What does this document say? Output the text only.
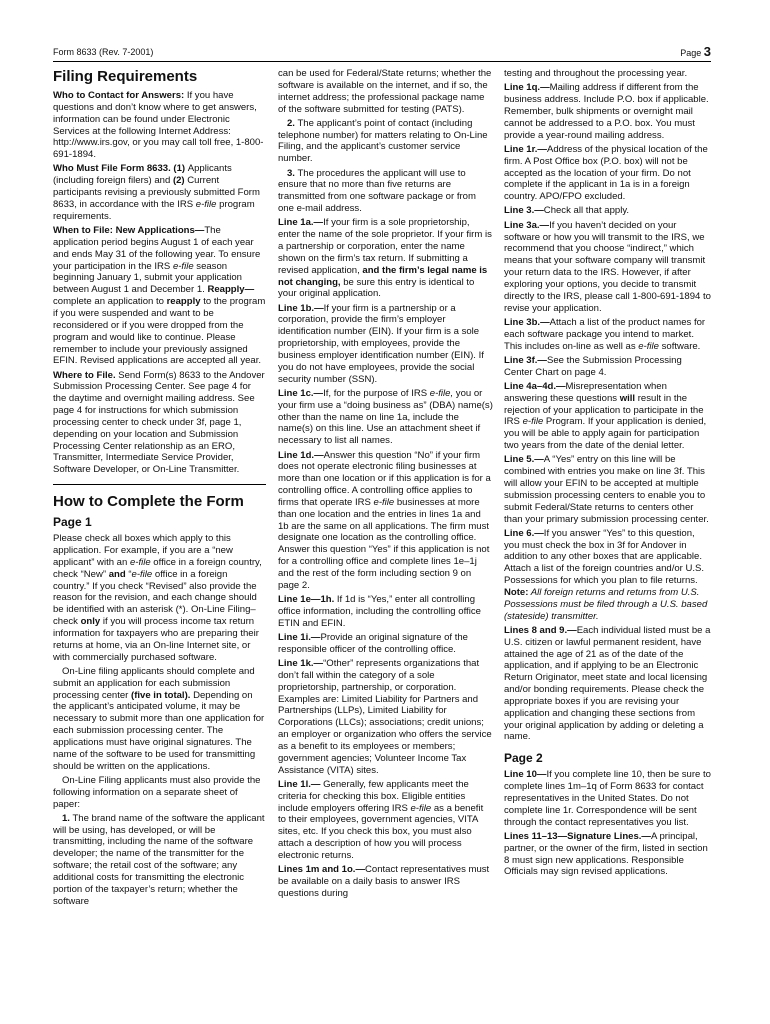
Form 8633 (Rev. 7-2001)	Page 3
Filing Requirements

Who to Contact for Answers: If you have questions and don’t know where to get answers, information can be found under Electronic Services at the following Internet Address: http://www.irs.gov, or you may call toll free, 1-800-691-1894.

Who Must File Form 8633. (1) Applicants (including foreign filers) and (2) Current participants revising a previously submitted Form 8633, in accordance with the IRS e-file program requirements.

When to File: New Applications—The application period begins August 1 of each year and ends May 31 of the following year. To ensure your participation in the IRS e-file season beginning January 1, submit your application between August 1 and December 1. Reapply—complete an application to reapply to the program if you were suspended and want to be reconsidered or if you were dropped from the program and would like to continue. Please remember to include your previously assigned EFIN. Revised applications are accepted all year.

Where to File. Send Form(s) 8633 to the Andover Submission Processing Center. See page 4 for the daytime and overnight mailing address. See page 4 for instructions for which submission processing center to check under 3f, page 1, depending on your location and Submission Processing Center relationship as an ERO, Transmitter, Intermediate Service Provider, Software Developer, or On-Line Transmitter.

How to Complete the Form
Page 1

Please check all boxes which apply to this application. For example, if you are a “new applicant” with an e-file office in a foreign country, check “New” and “e-file office in a foreign country.” If you check “Revised” also provide the reason for the revision, and each change should be identified with an asterisk (*). On-Line Filing–check only if you will process income tax return information for taxpayers who are preparing their returns at home, via an On-line Internet site, or with commercially purchased software.

On-Line filing applicants should complete and submit an application for each submission processing center (five in total). Depending on the applicant’s anticipated volume, it may be necessary to submit more than one application for each submission processing center. The applications must have original signatures. The name of the software to be used for transmitting should be written on the applications.

On-Line Filing applicants must also provide the following information on a separate sheet of paper:

1. The brand name of the software the applicant will be using, has developed, or will be transmitting, including the name of the software developer; the name of the transmitter for the software; the retail cost of the software; any additional costs for transmitting the electronic portion of the taxpayer’s return; whether the software

can be used for Federal/State returns; whether the software is available on the internet, and if so, the internet address; the professional package name of the software submitted for testing (PATS).

2. The applicant’s point of contact (including telephone number) for matters relating to On-Line Filing, and the applicant’s customer service number.

3. The procedures the applicant will use to ensure that no more than five returns are transmitted from one software package or from one e-mail address.

Line 1a.—If your firm is a sole proprietorship, enter the name of the sole proprietor. If your firm is a partnership or corporation, enter the name shown on the firm’s tax return. If submitting a revised application, and the firm’s legal name is not changing, be sure this entry is identical to your original application.

Line 1b.—If your firm is a partnership or a corporation, provide the firm’s employer identification number (EIN). If your firm is a sole proprietorship, with employees, provide the business employer identification number (EIN). If you do not have employees, provide the social security number (SSN).

Line 1c.—If, for the purpose of IRS e-file, you or your firm use a “doing business as” (DBA) name(s) other than the name on line 1a, include the name(s) on this line. Use an attachment sheet if necessary to list all names.

Line 1d.—Answer this question “No” if your firm does not operate electronic filing businesses at more than one location or if this application is for a controlling office. A controlling office applies to firms that operate IRS e-file businesses at more than one location and the entries in lines 1a and 1b are the same on all applications. The firm must designate one location as the controlling office. Answer this question “Yes” if this application is not for a controlling office and complete lines 1e–1j and the rest of the form including section 9 on page 2.

Line 1e—1h. If 1d is “Yes,” enter all controlling office information, including the controlling office ETIN and EFIN.

Line 1i.—Provide an original signature of the responsible officer of the controlling office.

Line 1k.—“Other” represents organizations that don’t fall within the category of a sole proprietorship, partnership, or corporation. Examples are: Limited Liability for Partners and Partnerships (LLPs), Limited Liability for Corporations (LLCs); associations; credit unions; an employer or organization who offers the service as a benefit to its employees or members; government agencies; Volunteer Income Tax Assistance (VITA) sites.

Line 1l.— Generally, few applicants meet the criteria for checking this box. Eligible entities include employers offering IRS e-file as a benefit to their employees, government agencies, VITA sites, etc. If you check this box, you must also attach a description of how you will process electronic returns.

Lines 1m and 1o.—Contact representatives must be available on a daily basis to answer IRS questions during

testing and throughout the processing year.

Line 1q.—Mailing address if different from the business address. Include P.O. box if applicable. Remember, bulk shipments or overnight mail cannot be addressed to a P.O. box. You must provide a year-round mailing address.

Line 1r.—Address of the physical location of the firm. A Post Office box (P.O. box) will not be accepted as the location of your firm. Do not complete if the applicant in 1a is in a foreign country. APO/FPO excluded.

Line 3.—Check all that apply.

Line 3a.—If you haven’t decided on your software or how you will transmit to the IRS, we recommend that you choose “indirect,” which means that your software company will transmit your return data to the IRS. However, if after exploring your options, you decide to transmit directly to the IRS, please call 1-800-691-1894 to revise your application.

Line 3b.—Attach a list of the product names for each software package you intend to market. This includes on-line as well as e-file software.

Line 3f.—See the Submission Processing Center Chart on page 4.

Line 4a–4d.—Misrepresentation when answering these questions will result in the rejection of your application to participate in the IRS e-file Program. If your application is denied, you will be able to apply again for participation two years from the date of the denial letter.

Line 5.—A “Yes” entry on this line will be combined with entries you make on line 3f. This will allow your EFIN to be accepted at multiple submission processing centers to enable you to submit Federal/State returns to centers other than your primary submission processing center.

Line 6.—If you answer “Yes” to this question, you must check the box in 3f for Andover in addition to any other boxes that are applicable. Attach a list of the foreign countries and/or U.S. Possessions for which you plan to file returns. Note: All foreign returns and returns from U.S. Possessions must be filed through a U.S. based (stateside) transmitter.

Lines 8 and 9.—Each individual listed must be a U.S. citizen or lawful permanent resident, have attained the age of 21 as of the date of the application, and if applying to be an Electronic Return Originator, meet state and local licensing and/or bonding requirements. Please check the appropriate boxes if you are revising your application and changing these sections from your original application by adding or deleting a name.

Page 2

Line 10—If you complete line 10, then be sure to complete lines 1m–1q of Form 8633 for contact representatives in the United States. Do not complete line 1r. Correspondence will be sent through the contact representatives you list.

Lines 11–13—Signature Lines.—A principal, partner, or the owner of the firm, listed in section 8 must sign new applications. Responsible Officials may sign revised applications.
